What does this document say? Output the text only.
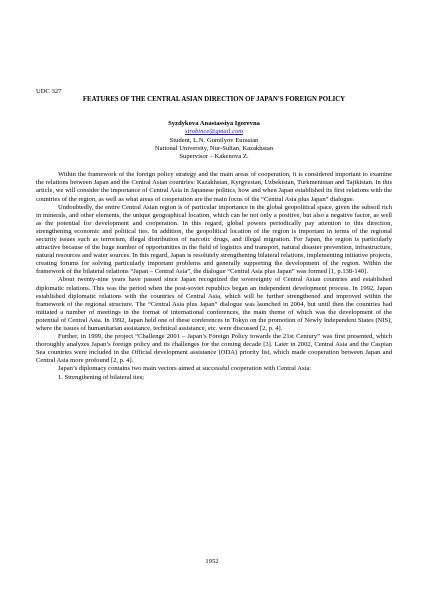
UDC 327

FEATURES OF THE CENTRAL ASIAN DIRECTION OF JAPAN'S FOREIGN POLICY
Syzdykova Anastassiya Igorevna
strobince@gmail.com
Student, L.N. Gumilyov Eurasian
National University, Nur-Sultan, Kazakhstan
Supervisor – Kakenova Z.

Within the framework of the foreign policy strategy and the main areas of cooperation, it is considered important to examine the relations between Japan and the Central Asian countries: Kazakhstan, Kyrgyzstan, Uzbekistan, Turkmenistan and Tajikistan. In this article, we will consider the importance of Central Asia in Japanese politics, how and when Japan established its first relations with the countries of the region, as well as what areas of cooperation are the main focus of the “Central Asia plus Japan” dialogue.

Undoubtedly, the entire Central Asian region is of particular importance in the global geopolitical space, given the subsoil rich in minerals, and other elements, the unique geographical location, which can be not only a positive, but also a negative factor, as well as the potential for development and cooperation. In this regard, global powers periodically pay attention to this direction, strengthening economic and political ties. In addition, the geopolitical location of the region is important in terms of the regional security issues such as terrorism, illegal distribution of narcotic drugs, and illegal migration. For Japan, the region is particularly attractive because of the huge number of opportunities in the field of logistics and transport, natural disaster prevention, infrastructure, natural resources and water sources. In this regard, Japan is resolutely strengthening bilateral relations, implementing initiative projects, creating forums for solving particularly important problems and generally supporting the development of the region. Within the framework of the bilateral relations “Japan – Central Asia”, the dialogue “Central Asia plus Japan” was formed [1, p.138-140].

About twenty-nine years have passed since Japan recognized the sovereignty of Central Asian countries and established diplomatic relations. This was the period when the post-soviet republics began an independent development process. In 1992, Japan established diplomatic relations with the countries of Central Asia, which will be further strengthened and improved within the framework of the regional structure. The “Central Asia plus Japan” dialogue was launched in 2004, but until then the countries had initiated a number of meetings in the format of international conferences, the main theme of which was the development of the potential of Central Asia. In 1992, Japan held one of these conferences in Tokyo on the promotion of Newly Independent States (NIS), where the issues of humanitarian assistance, technical assistance, etc. were discussed [2, p. 4].

Further, in 1999, the project “Challenge 2001 – Japan’s Foreign Policy towards the 21st Century” was first presented, which thoroughly analyzes Japan’s foreign policy and its challenges for the coming decade [3]. Later in 2002, Central Asia and the Caspian Sea countries were included in the Official development assistance (ODA) priority list, which made cooperation between Japan and Central Asia more profound [2, p. 4].

Japan’s diplomacy contains two main vectors aimed at successful cooperation with Central Asia:

1. Strengthening of bilateral ties;

1952
